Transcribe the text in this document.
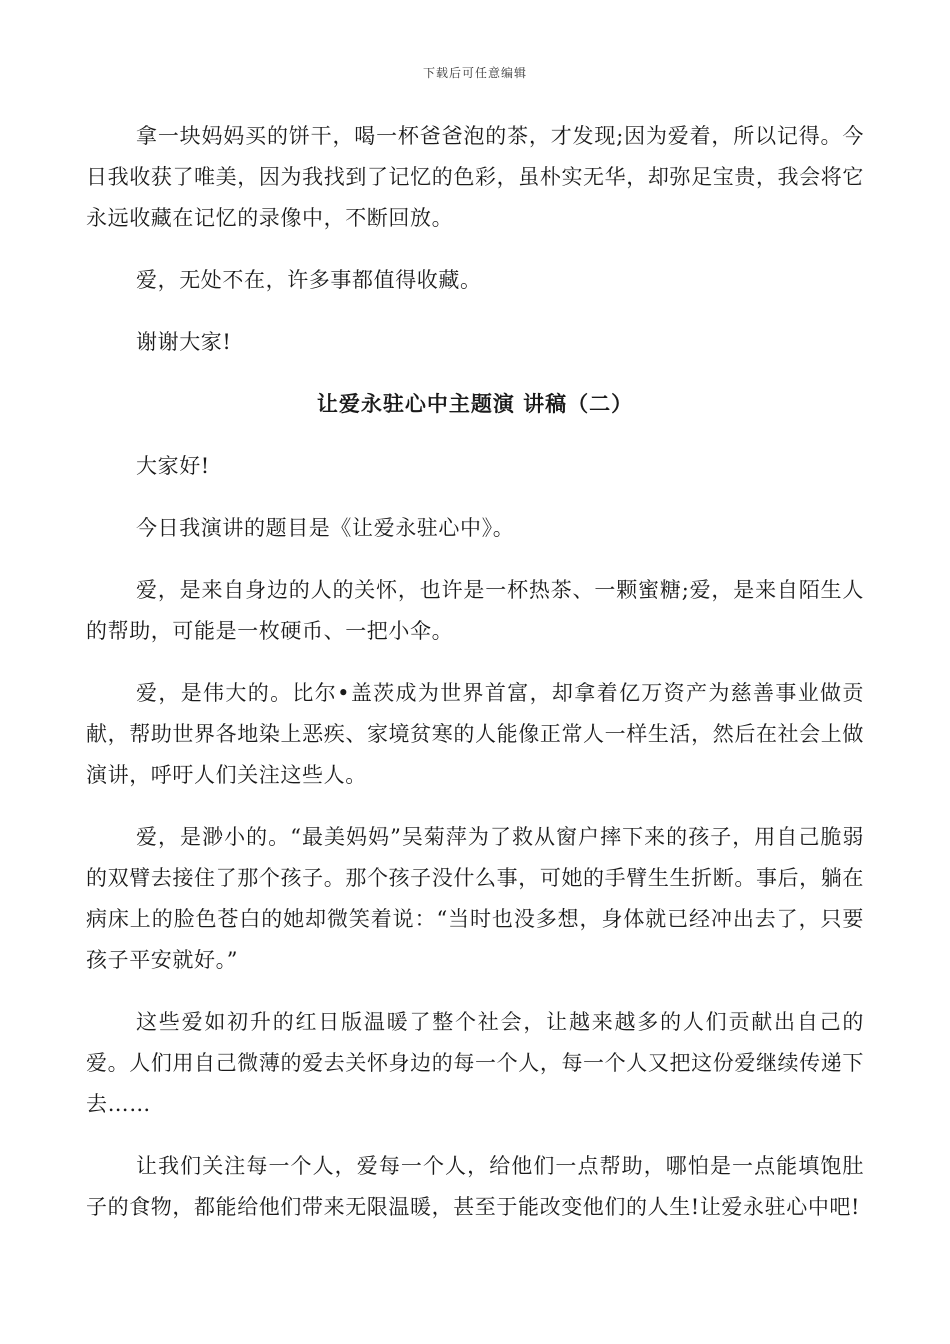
下载后可任意编辑

拿一块妈妈买的饼干，喝一杯爸爸泡的茶，才发现;因为爱着，所以记得。今日我收获了唯美，因为我找到了记忆的色彩，虽朴实无华，却弥足宝贵，我会将它永远收藏在记忆的录像中，不断回放。

爱，无处不在，许多事都值得收藏。

谢谢大家!

让爱永驻心中主题演 讲稿（二）

大家好!

今日我演讲的题目是《让爱永驻心中》。

爱，是来自身边的人的关怀，也许是一杯热茶、一颗蜜糖;爱，是来自陌生人的帮助，可能是一枚硬币、一把小伞。

爱，是伟大的。比尔•盖茨成为世界首富，却拿着亿万资产为慈善事业做贡献，帮助世界各地染上恶疾、家境贫寒的人能像正常人一样生活，然后在社会上做演讲，呼吁人们关注这些人。

爱，是渺小的。“最美妈妈”吴菊萍为了救从窗户摔下来的孩子，用自己脆弱的双臂去接住了那个孩子。那个孩子没什么事，可她的手臂生生折断。事后，躺在病床上的脸色苍白的她却微笑着说：“当时也没多想，身体就已经冲出去了，只要孩子平安就好。”

这些爱如初升的红日版温暖了整个社会，让越来越多的人们贡献出自己的爱。人们用自己微薄的爱去关怀身边的每一个人，每一个人又把这份爱继续传递下去……

让我们关注每一个人，爱每一个人，给他们一点帮助，哪怕是一点能填饱肚子的食物，都能给他们带来无限温暖，甚至于能改变他们的人生!让爱永驻心中吧!
